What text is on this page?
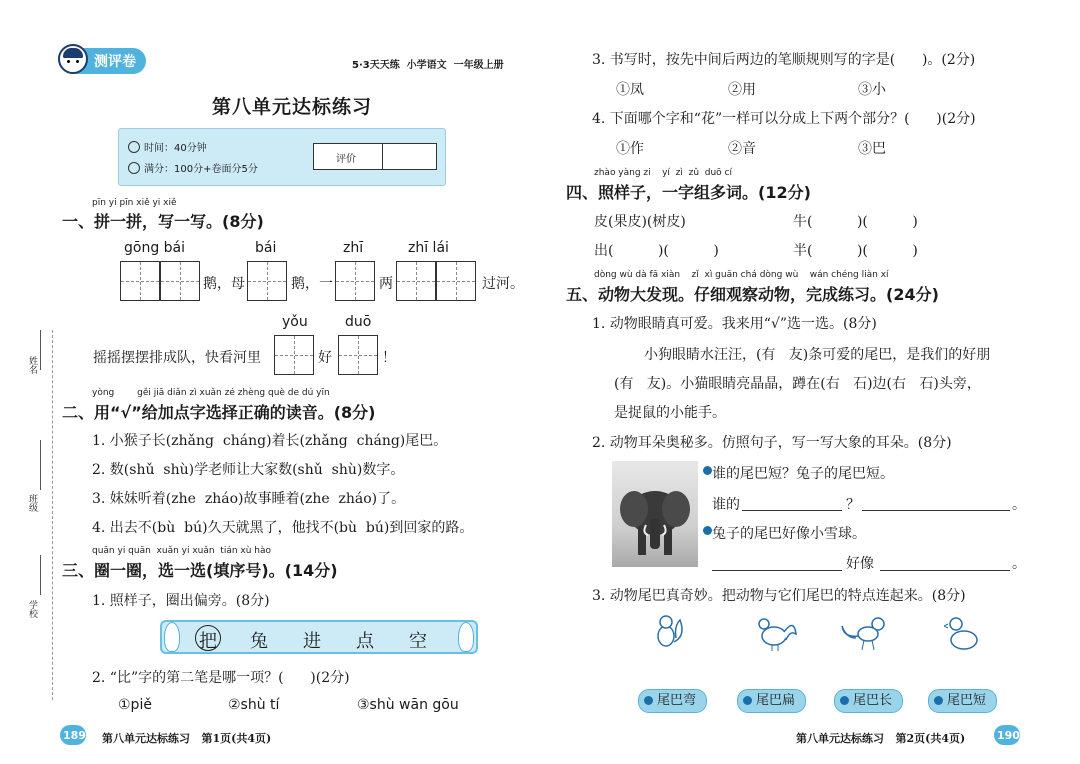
测评卷	5·3天天练  小学语文  一年级上册
第八单元达标练习
时间：40分钟
满分：100分+卷面分5分
评价
姓名
班级
学校
pīn yi pīn xiě yi xiě
一、拼一拼，写一写。(8分)
gōng bái	bái	zhī	zhī lái
鹅，母	鹅，一	两	过河。
yǒu	duō
摇摇摆摆排成队，快看河里	好	！
yòng        gěi jiā diǎn zì xuǎn zé zhèng què de dú yīn
二、用“√”给加点字选择正确的读音。(8分)
1. 小猴子长(zhǎng  cháng)着长(zhǎng  cháng)尾巴。
2. 数(shǔ  shù)学老师让大家数(shǔ  shù)数字。
3. 妹妹听着(zhe  zháo)故事睡着(zhe  zháo)了。
4. 出去不(bù  bú)久天就黑了，他找不(bù  bú)到回家的路。
quān yi quān  xuǎn yi xuǎn  tián xù hào
三、圈一圈，选一选(填序号)。(14分)
1. 照样子，圈出偏旁。(8分)
把 兔 进 点 空
2. “比”字的第二笔是哪一项？(      )(2分)
①piě	②shù tí	③shù wān gōu
189 第八单元达标练习   第1页(共4页)
3. 书写时，按先中间后两边的笔顺规则写的字是(      )。(2分)
①凤	②用	③小
4. 下面哪个字和“花”一样可以分成上下两个部分？(      )(2分)
①作	②音	③巴
zhào yàng zi    yí  zì  zǔ  duō cí
四、照样子，一字组多词。(12分)
皮(果皮)(树皮)	牛(          )(          )
出(          )(          )	半(          )(          )
dòng wù dà fā xiàn    zǐ  xì guān chá dòng wù    wán chéng liàn xí
五、动物大发现。仔细观察动物，完成练习。(24分)
1. 动物眼睛真可爱。我来用“√”选一选。(8分)
小狗眼睛水汪汪，(有   友)条可爱的尾巴，是我们的好朋
(有   友)。小猫眼睛亮晶晶，蹲在(右   石)边(右   石)头旁，
是捉鼠的小能手。
2. 动物耳朵奥秘多。仿照句子，写一写大象的耳朵。(8分)
谁的尾巴短？兔子的尾巴短。
谁的	？	。
兔子的尾巴好像小雪球。
好像	。
3. 动物尾巴真奇妙。把动物与它们尾巴的特点连起来。(8分)
尾巴弯	尾巴扁	尾巴长	尾巴短
第八单元达标练习   第2页(共4页)	190
